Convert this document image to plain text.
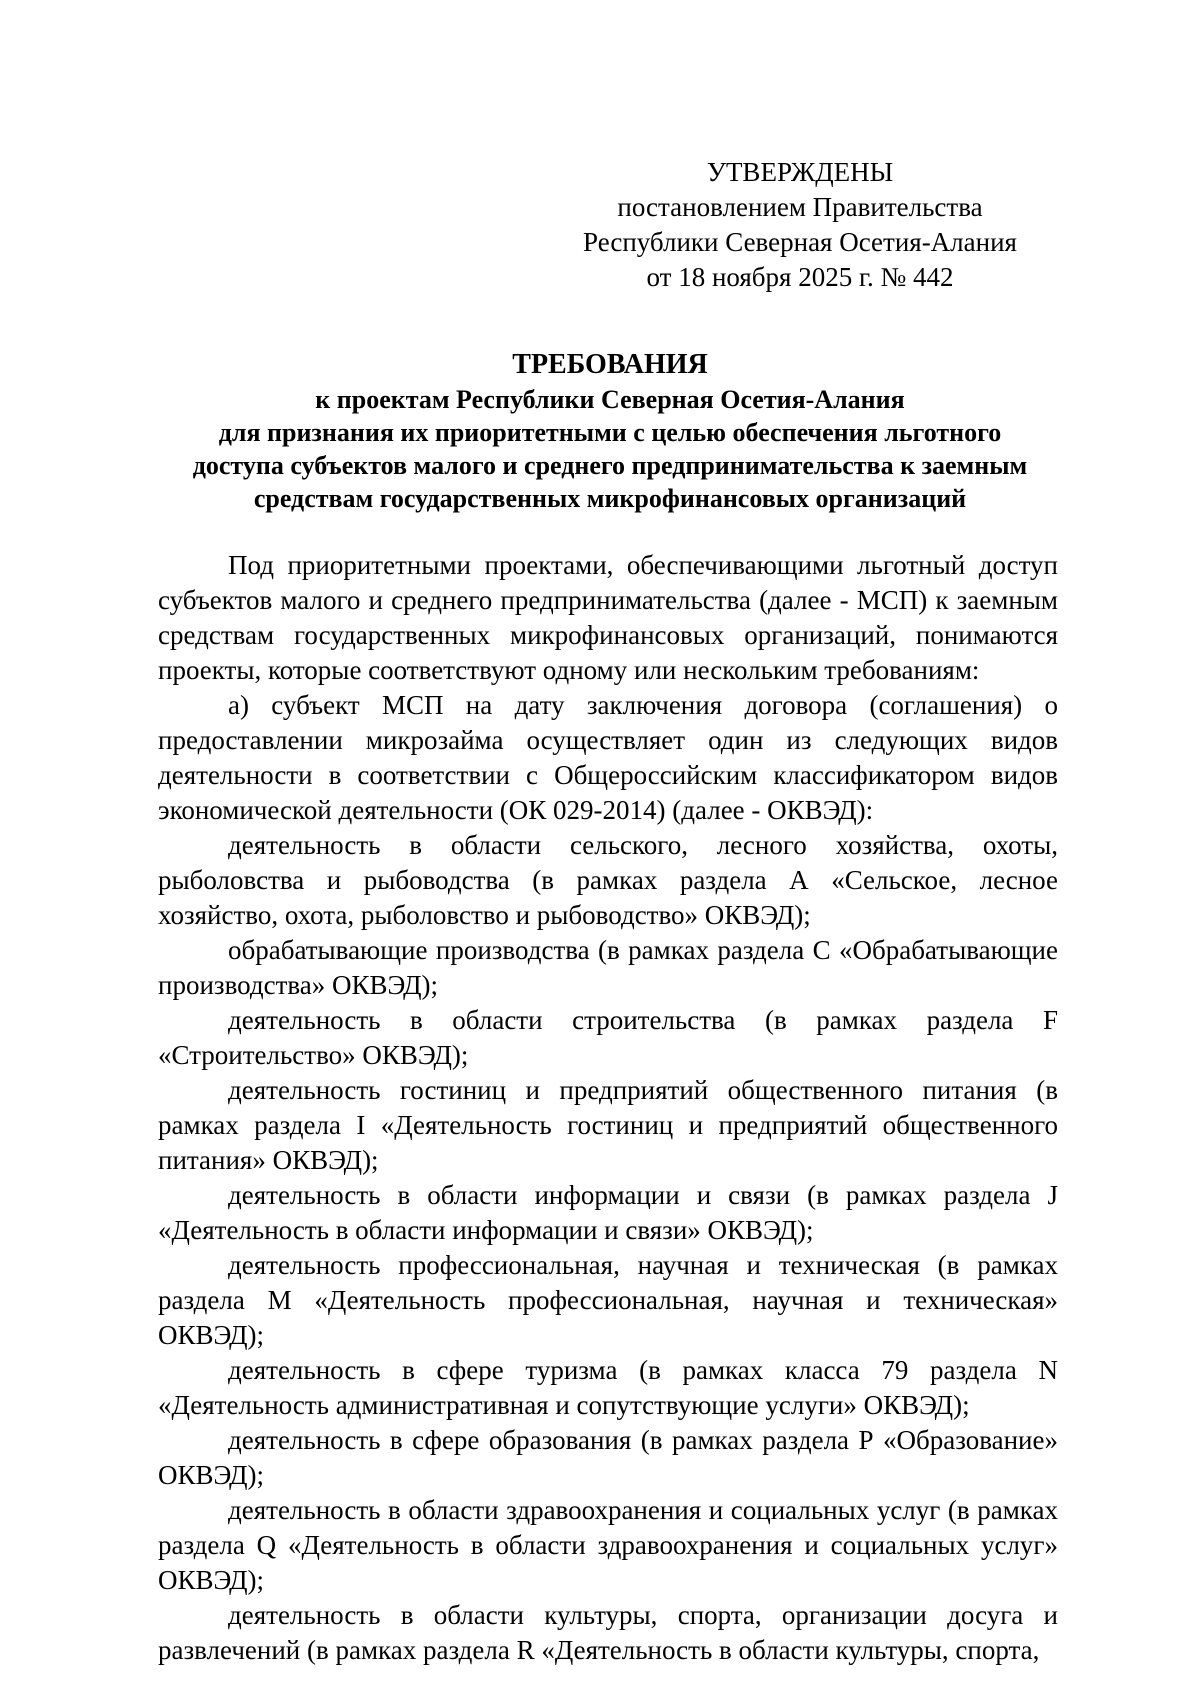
УТВЕРЖДЕНЫ
постановлением Правительства
Республики Северная Осетия-Алания
от 18 ноября 2025 г. № 442
ТРЕБОВАНИЯ
к проектам Республики Северная Осетия-Алания
для признания их приоритетными с целью обеспечения льготного
доступа субъектов малого и среднего предпринимательства к заемным
средствам государственных микрофинансовых организаций

Под приоритетными проектами, обеспечивающими льготный доступ субъектов малого и среднего предпринимательства (далее - МСП) к заемным средствам государственных микрофинансовых организаций, понимаются проекты, которые соответствуют одному или нескольким требованиям:

а) субъект МСП на дату заключения договора (соглашения) о предоставлении микрозайма осуществляет один из следующих видов деятельности в соответствии с Общероссийским классификатором видов экономической деятельности (ОК 029-2014) (далее - ОКВЭД):

деятельность в области сельского, лесного хозяйства, охоты, рыболовства и рыбоводства (в рамках раздела А «Сельское, лесное хозяйство, охота, рыболовство и рыбоводство» ОКВЭД);

обрабатывающие производства (в рамках раздела С «Обрабатывающие производства» ОКВЭД);

деятельность в области строительства (в рамках раздела F «Строительство» ОКВЭД);

деятельность гостиниц и предприятий общественного питания (в рамках раздела I «Деятельность гостиниц и предприятий общественного питания» ОКВЭД);

деятельность в области информации и связи (в рамках раздела J «Деятельность в области информации и связи» ОКВЭД);

деятельность профессиональная, научная и техническая (в рамках раздела М «Деятельность профессиональная, научная и техническая» ОКВЭД);

деятельность в сфере туризма (в рамках класса 79 раздела N «Деятельность административная и сопутствующие услуги» ОКВЭД);

деятельность в сфере образования (в рамках раздела Р «Образование» ОКВЭД);

деятельность в области здравоохранения и социальных услуг (в рамках раздела Q «Деятельность в области здравоохранения и социальных услуг» ОКВЭД);

деятельность в области культуры, спорта, организации досуга и развлечений (в рамках раздела R «Деятельность в области культуры, спорта,
